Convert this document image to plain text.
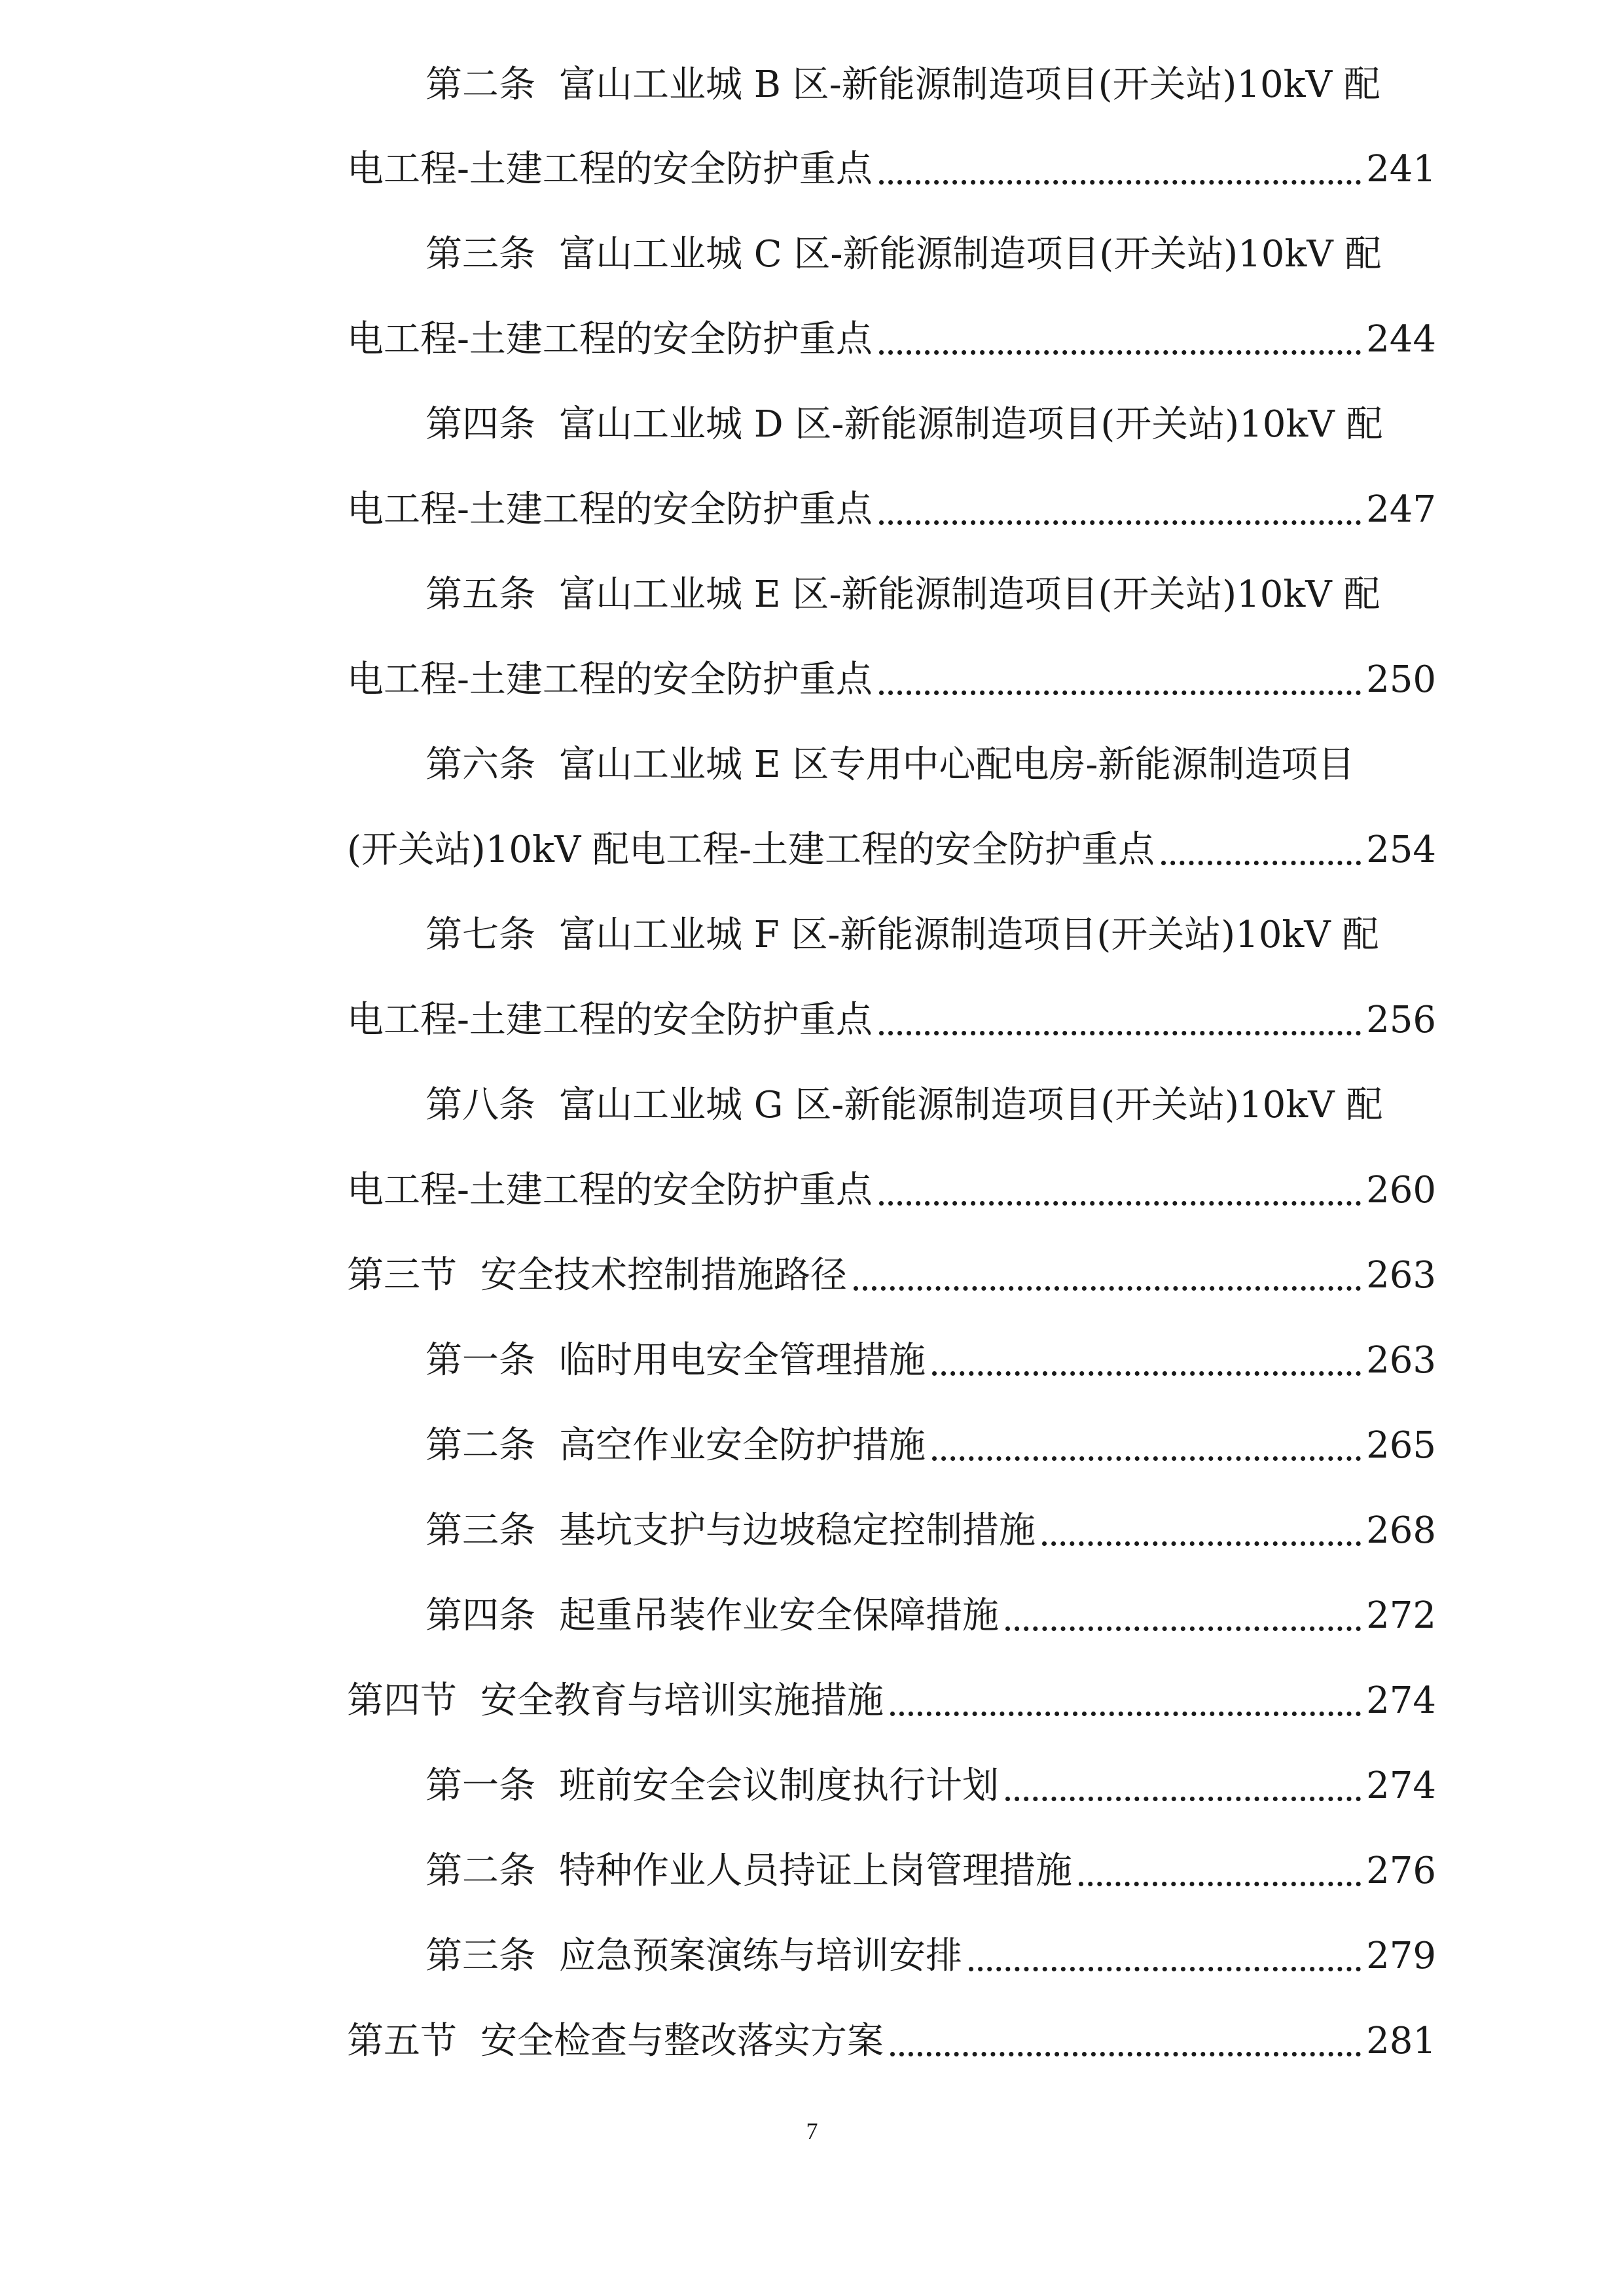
第二条 富山工业城 B 区-新能源制造项目(开关站)10kV 配
电工程-土建工程的安全防护重点	241
第三条 富山工业城 C 区-新能源制造项目(开关站)10kV 配
电工程-土建工程的安全防护重点	244
第四条 富山工业城 D 区-新能源制造项目(开关站)10kV 配
电工程-土建工程的安全防护重点	247
第五条 富山工业城 E 区-新能源制造项目(开关站)10kV 配
电工程-土建工程的安全防护重点	250
第六条 富山工业城 E 区专用中心配电房-新能源制造项目
(开关站)10kV 配电工程-土建工程的安全防护重点	254
第七条 富山工业城 F 区-新能源制造项目(开关站)10kV 配
电工程-土建工程的安全防护重点	256
第八条 富山工业城 G 区-新能源制造项目(开关站)10kV 配
电工程-土建工程的安全防护重点	260
第三节 安全技术控制措施路径	263
第一条 临时用电安全管理措施	263
第二条 高空作业安全防护措施	265
第三条 基坑支护与边坡稳定控制措施	268
第四条 起重吊装作业安全保障措施	272
第四节 安全教育与培训实施措施	274
第一条 班前安全会议制度执行计划	274
第二条 特种作业人员持证上岗管理措施	276
第三条 应急预案演练与培训安排	279
第五节 安全检查与整改落实方案	281
7
